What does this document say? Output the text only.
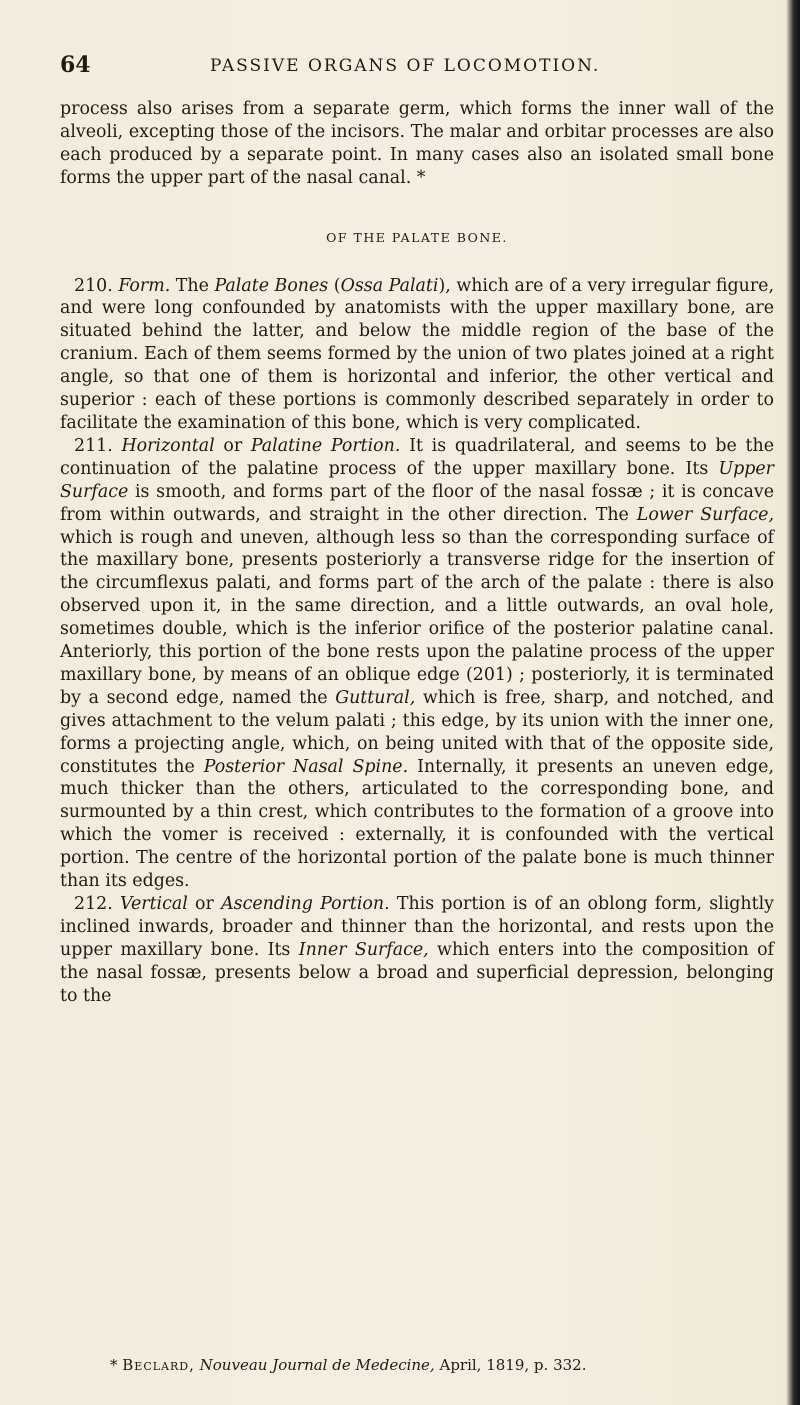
64	PASSIVE ORGANS OF LOCOMOTION.

process also arises from a separate germ, which forms the inner wall of the alveoli, excepting those of the incisors. The malar and orbitar processes are also each produced by a separate point. In many cases also an isolated small bone forms the upper part of the nasal canal. *

OF THE PALATE BONE.

210. Form. The Palate Bones (Ossa Palati), which are of a very irregular figure, and were long confounded by anatomists with the upper maxillary bone, are situated behind the latter, and below the middle region of the base of the cranium. Each of them seems formed by the union of two plates joined at a right angle, so that one of them is horizontal and inferior, the other vertical and superior : each of these portions is commonly described separately in order to facilitate the examination of this bone, which is very complicated.

211. Horizontal or Palatine Portion. It is quadrilateral, and seems to be the continuation of the palatine process of the upper maxillary bone. Its Upper Surface is smooth, and forms part of the floor of the nasal fossæ ; it is concave from within outwards, and straight in the other direction. The Lower Surface, which is rough and uneven, although less so than the corresponding surface of the maxillary bone, presents posteriorly a transverse ridge for the insertion of the circumflexus palati, and forms part of the arch of the palate : there is also observed upon it, in the same direction, and a little outwards, an oval hole, sometimes double, which is the inferior orifice of the posterior palatine canal. Anteriorly, this portion of the bone rests upon the palatine process of the upper maxillary bone, by means of an oblique edge (201) ; posteriorly, it is terminated by a second edge, named the Guttural, which is free, sharp, and notched, and gives attachment to the velum palati ; this edge, by its union with the inner one, forms a projecting angle, which, on being united with that of the opposite side, constitutes the Posterior Nasal Spine. Internally, it presents an uneven edge, much thicker than the others, articulated to the corresponding bone, and surmounted by a thin crest, which contributes to the formation of a groove into which the vomer is received : externally, it is confounded with the vertical portion. The centre of the horizontal portion of the palate bone is much thinner than its edges.

212. Vertical or Ascending Portion. This portion is of an oblong form, slightly inclined inwards, broader and thinner than the horizontal, and rests upon the upper maxillary bone. Its Inner Surface, which enters into the composition of the nasal fossæ, presents below a broad and superficial depression, belonging to the

* Beclard, Nouveau Journal de Medecine, April, 1819, p. 332.
